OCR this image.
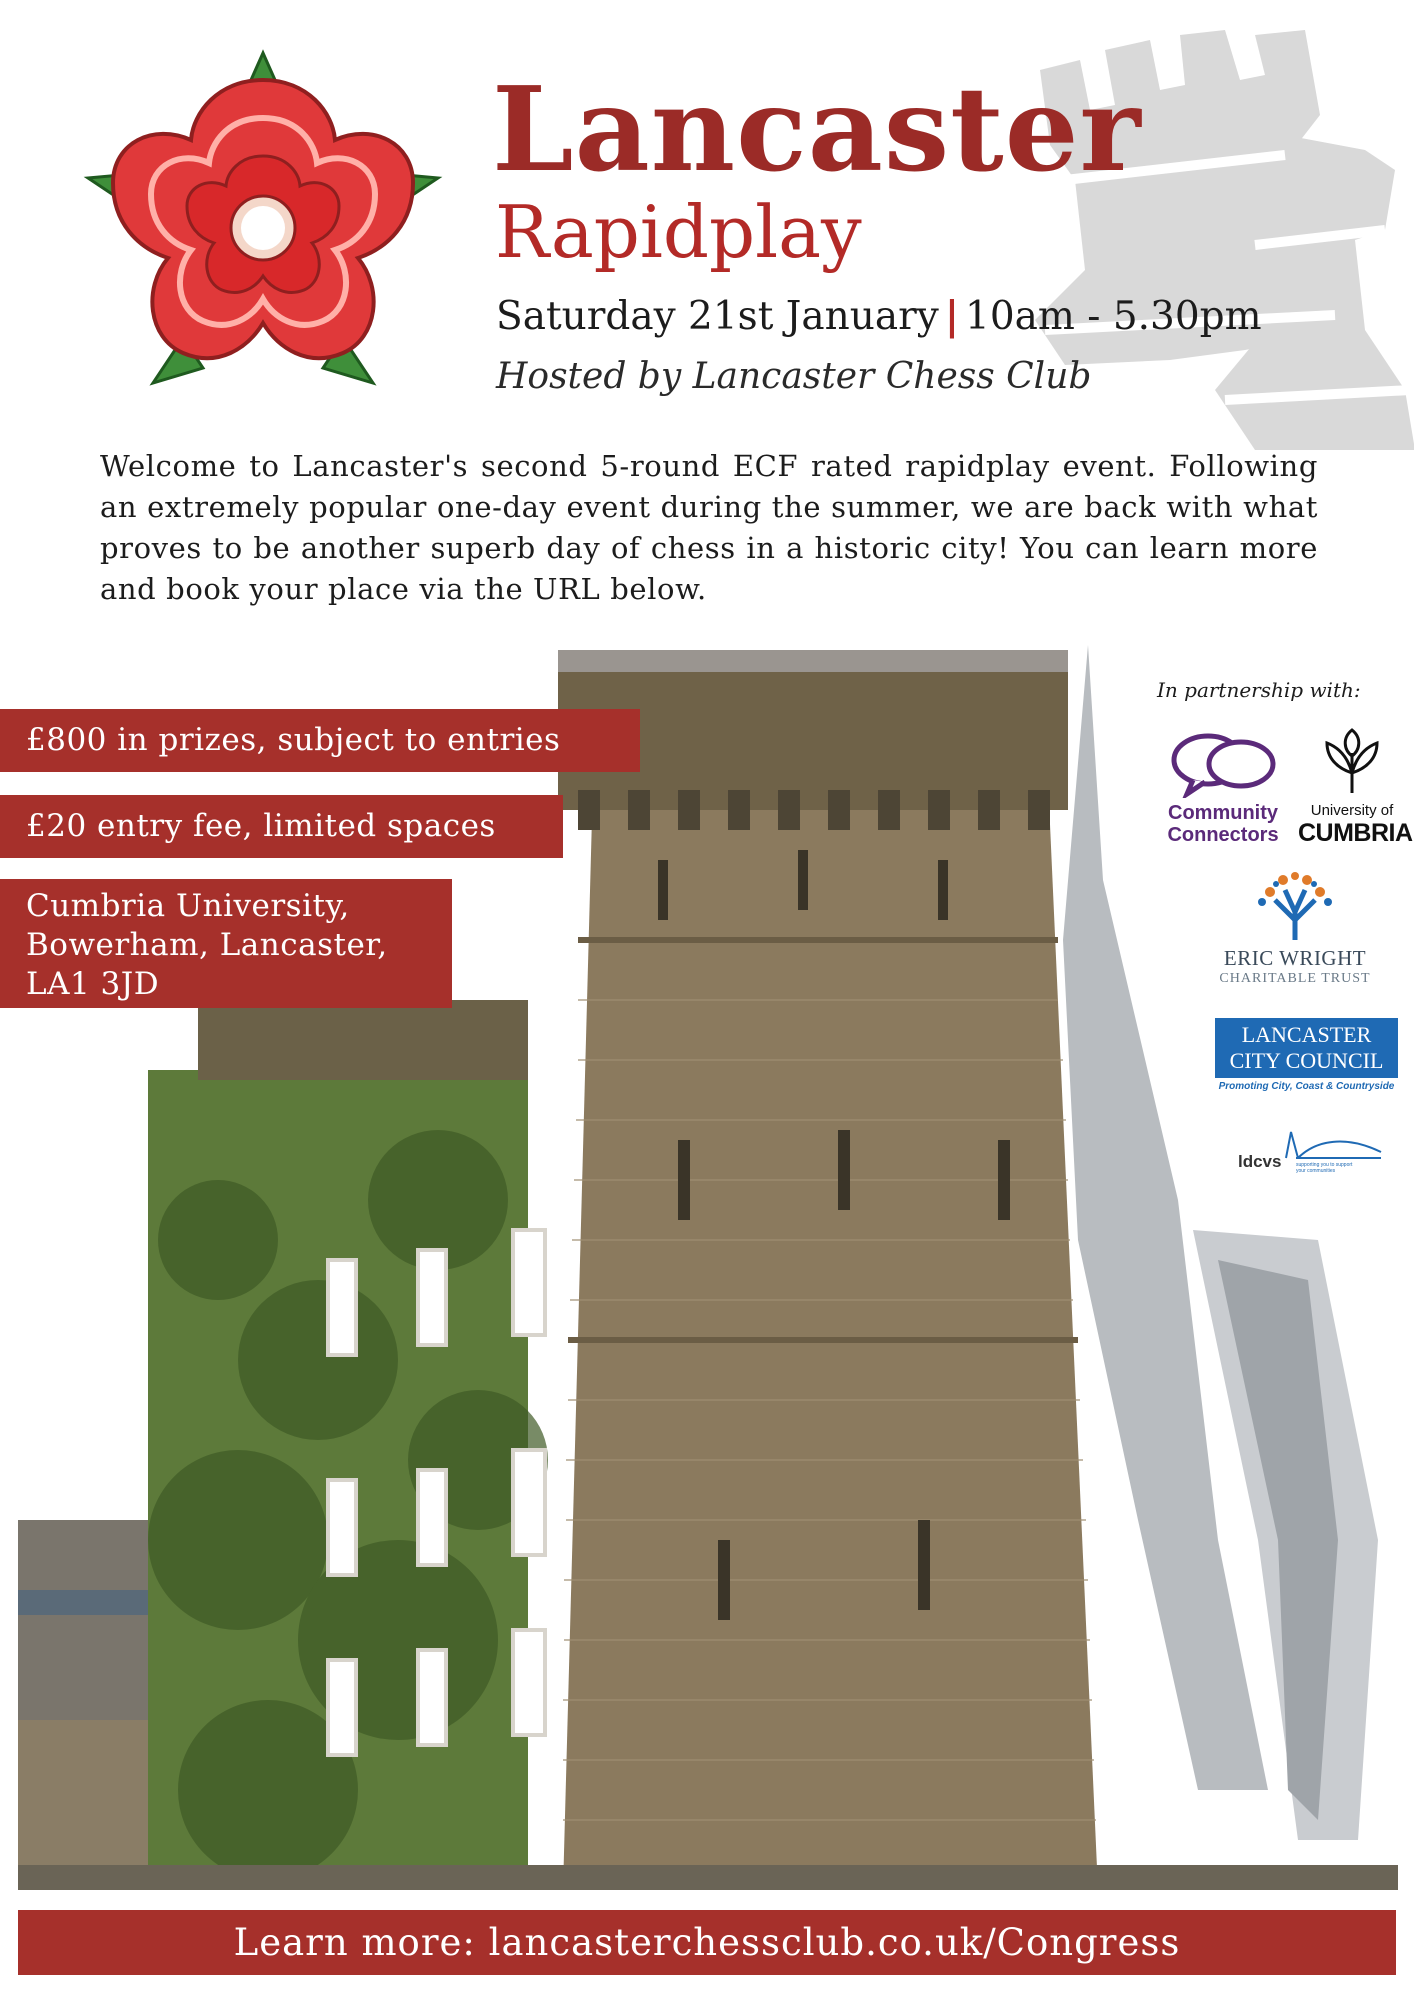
Lancaster
Rapidplay
Saturday 21st January | 10am - 5.30pm
Hosted by Lancaster Chess Club

Welcome to Lancaster's second 5-round ECF rated rapidplay event. Following an extremely popular one-day event during the summer, we are back with what proves to be another superb day of chess in a historic city! You can learn more and book your place via the URL below.

£800 in prizes, subject to entries
£20 entry fee, limited spaces
Cumbria University,
Bowerham, Lancaster,
LA1 3JD
In partnership with:
Community
Connectors
University of
CUMBRIA
ERIC WRIGHT
CHARITABLE TRUST
LANCASTER
CITY COUNCIL
Promoting City, Coast & Countryside
ldcvs	supporting you to support your communities
Learn more: lancasterchessclub.co.uk/Congress
